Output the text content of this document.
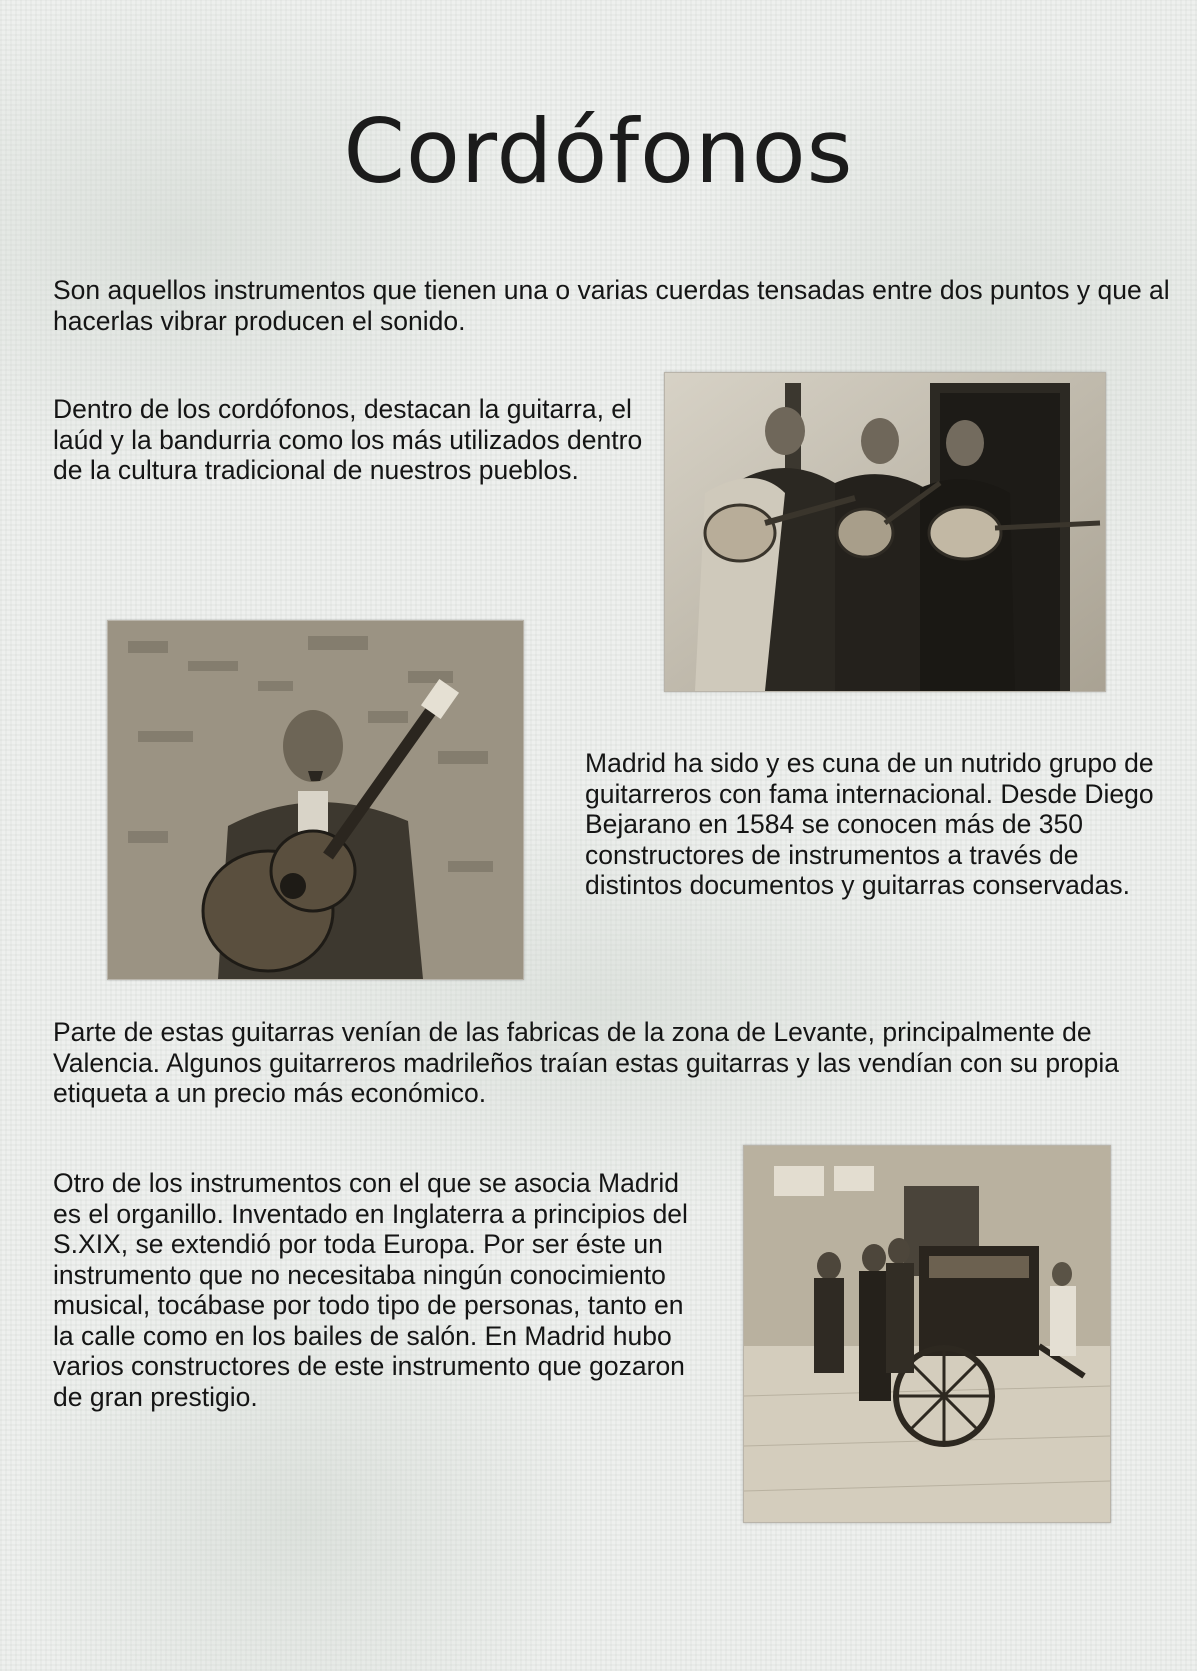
Cordófonos

Son aquellos instrumentos que tienen una o varias cuerdas tensadas entre dos puntos y que al hacerlas vibrar producen el sonido.

Dentro de los cordófonos, destacan la guitarra, el laúd y la bandurria como los más utilizados dentro de la cultura tradicional de nuestros pueblos.

Madrid ha sido y es cuna de un nutrido grupo de guitarreros con fama internacional. Desde Diego Bejarano en 1584 se conocen más de 350 constructores de instrumentos a través de distintos documentos y guitarras conservadas.

Parte de estas guitarras venían de las fabricas de la zona de Levante, principalmente de Valencia. Algunos guitarreros madrileños traían estas guitarras y las vendían con su propia etiqueta a un precio más económico.

Otro de los instrumentos con el que se asocia Madrid es el organillo. Inventado en Inglaterra a principios del S.XIX, se extendió por toda Europa. Por ser éste un instrumento que no necesitaba ningún conocimiento musical, tocábase por todo tipo de personas, tanto en la calle como en los bailes de salón. En Madrid hubo varios constructores de este instrumento que gozaron de gran prestigio.
